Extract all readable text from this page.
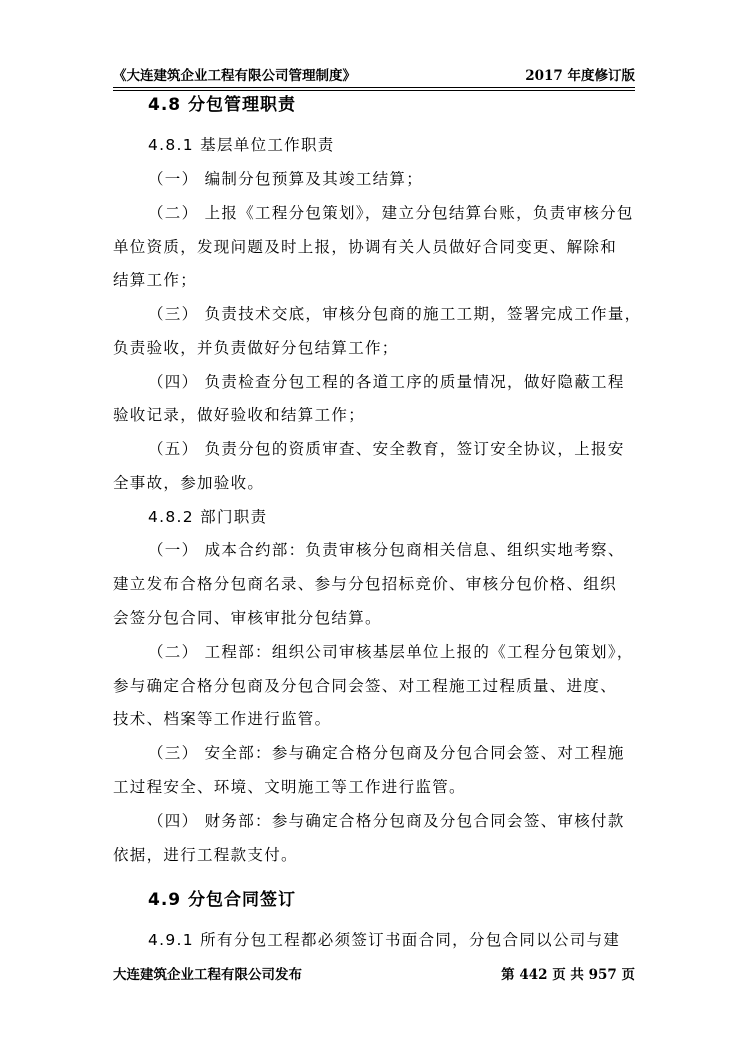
《大连建筑企业工程有限公司管理制度》	2017 年度修订版
4.8 分包管理职责
4.8.1 基层单位工作职责
（一） 编制分包预算及其竣工结算；
（二） 上报《工程分包策划》，建立分包结算台账，负责审核分包
单位资质，发现问题及时上报，协调有关人员做好合同变更、解除和
结算工作；
（三） 负责技术交底，审核分包商的施工工期，签署完成工作量，
负责验收，并负责做好分包结算工作；
（四） 负责检查分包工程的各道工序的质量情况，做好隐蔽工程
验收记录，做好验收和结算工作；
（五） 负责分包的资质审查、安全教育，签订安全协议，上报安
全事故，参加验收。
4.8.2 部门职责
（一） 成本合约部：负责审核分包商相关信息、组织实地考察、
建立发布合格分包商名录、参与分包招标竞价、审核分包价格、组织
会签分包合同、审核审批分包结算。
（二） 工程部：组织公司审核基层单位上报的《工程分包策划》，
参与确定合格分包商及分包合同会签、对工程施工过程质量、进度、
技术、档案等工作进行监管。
（三） 安全部：参与确定合格分包商及分包合同会签、对工程施
工过程安全、环境、文明施工等工作进行监管。
（四） 财务部：参与确定合格分包商及分包合同会签、审核付款
依据，进行工程款支付。
4.9 分包合同签订
4.9.1 所有分包工程都必须签订书面合同，分包合同以公司与建
大连建筑企业工程有限公司发布	第 442 页 共 957 页
